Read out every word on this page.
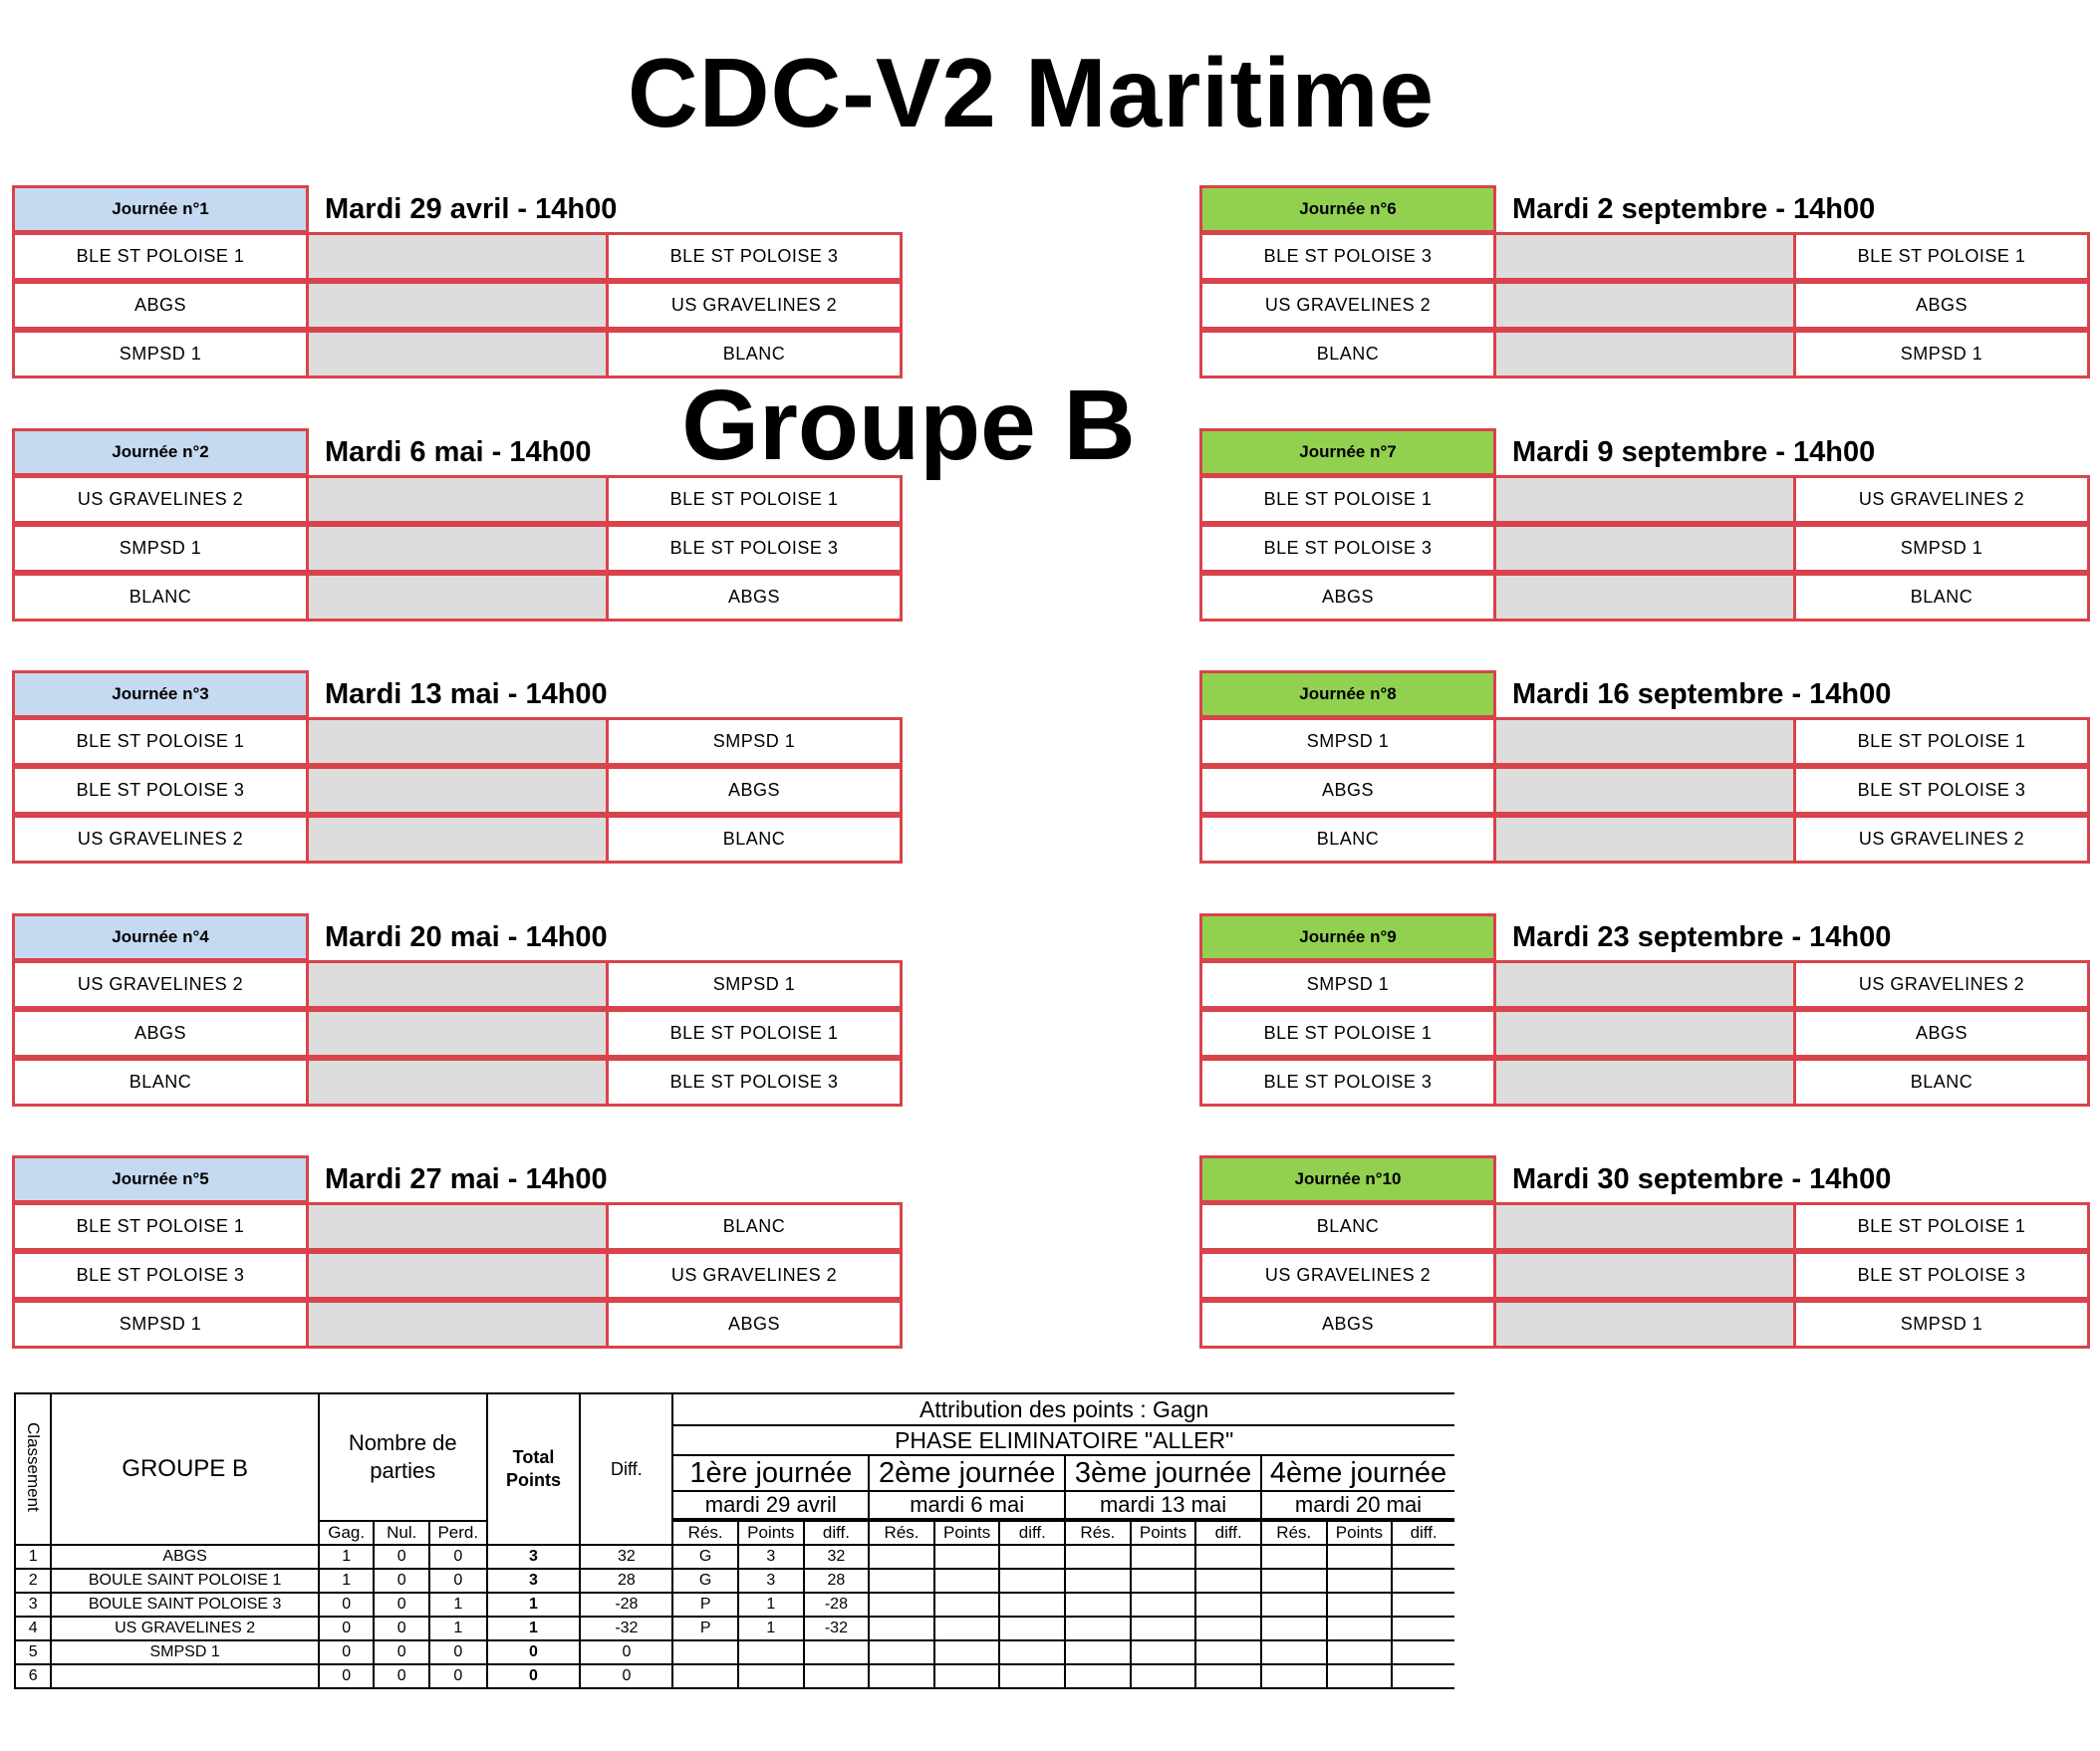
CDC-V2 Maritime
Groupe B
Journée n°1	Mardi 29 avril - 14h00
BLE ST POLOISE 1	BLE ST POLOISE 3
ABGS	US GRAVELINES 2
SMPSD 1	BLANC
Journée n°2	Mardi 6 mai - 14h00
US GRAVELINES 2	BLE ST POLOISE 1
SMPSD 1	BLE ST POLOISE 3
BLANC	ABGS
Journée n°3	Mardi 13 mai - 14h00
BLE ST POLOISE 1	SMPSD 1
BLE ST POLOISE 3	ABGS
US GRAVELINES 2	BLANC
Journée n°4	Mardi 20 mai - 14h00
US GRAVELINES 2	SMPSD 1
ABGS	BLE ST POLOISE 1
BLANC	BLE ST POLOISE 3
Journée n°5	Mardi 27 mai - 14h00
BLE ST POLOISE 1	BLANC
BLE ST POLOISE 3	US GRAVELINES 2
SMPSD 1	ABGS
Journée n°6	Mardi 2 septembre - 14h00
BLE ST POLOISE 3	BLE ST POLOISE 1
US GRAVELINES 2	ABGS
BLANC	SMPSD 1
Journée n°7	Mardi 9 septembre - 14h00
BLE ST POLOISE 1	US GRAVELINES 2
BLE ST POLOISE 3	SMPSD 1
ABGS	BLANC
Journée n°8	Mardi 16 septembre - 14h00
SMPSD 1	BLE ST POLOISE 1
ABGS	BLE ST POLOISE 3
BLANC	US GRAVELINES 2
Journée n°9	Mardi 23 septembre - 14h00
SMPSD 1	US GRAVELINES 2
BLE ST POLOISE 1	ABGS
BLE ST POLOISE 3	BLANC
Journée n°10	Mardi 30 septembre - 14h00
BLANC	BLE ST POLOISE 1
US GRAVELINES 2	BLE ST POLOISE 3
ABGS	SMPSD 1
Classement	GROUPE B	Nombre de parties			Total Points	Diff.	Attribution des points : Gagn											
							PHASE ELIMINATOIRE "ALLER"											
							1ère journée			2ème journée			3ème journée			4ème journée		
							mardi 29 avril			mardi 6 mai			mardi 13 mai			mardi 20 mai		

		Gag.	Nul.	Perd.			Rés.	Points	diff.	Rés.	Points	diff.	Rés.	Points	diff.	Rés.	Points	diff.
1	ABGS	1	0	0	3	32	G	3	32									
2	BOULE SAINT POLOISE 1	1	0	0	3	28	G	3	28									
3	BOULE SAINT POLOISE 3	0	0	1	1	-28	P	1	-28									
4	US GRAVELINES 2	0	0	1	1	-32	P	1	-32									
5	SMPSD 1	0	0	0	0	0												
6		0	0	0	0	0												
